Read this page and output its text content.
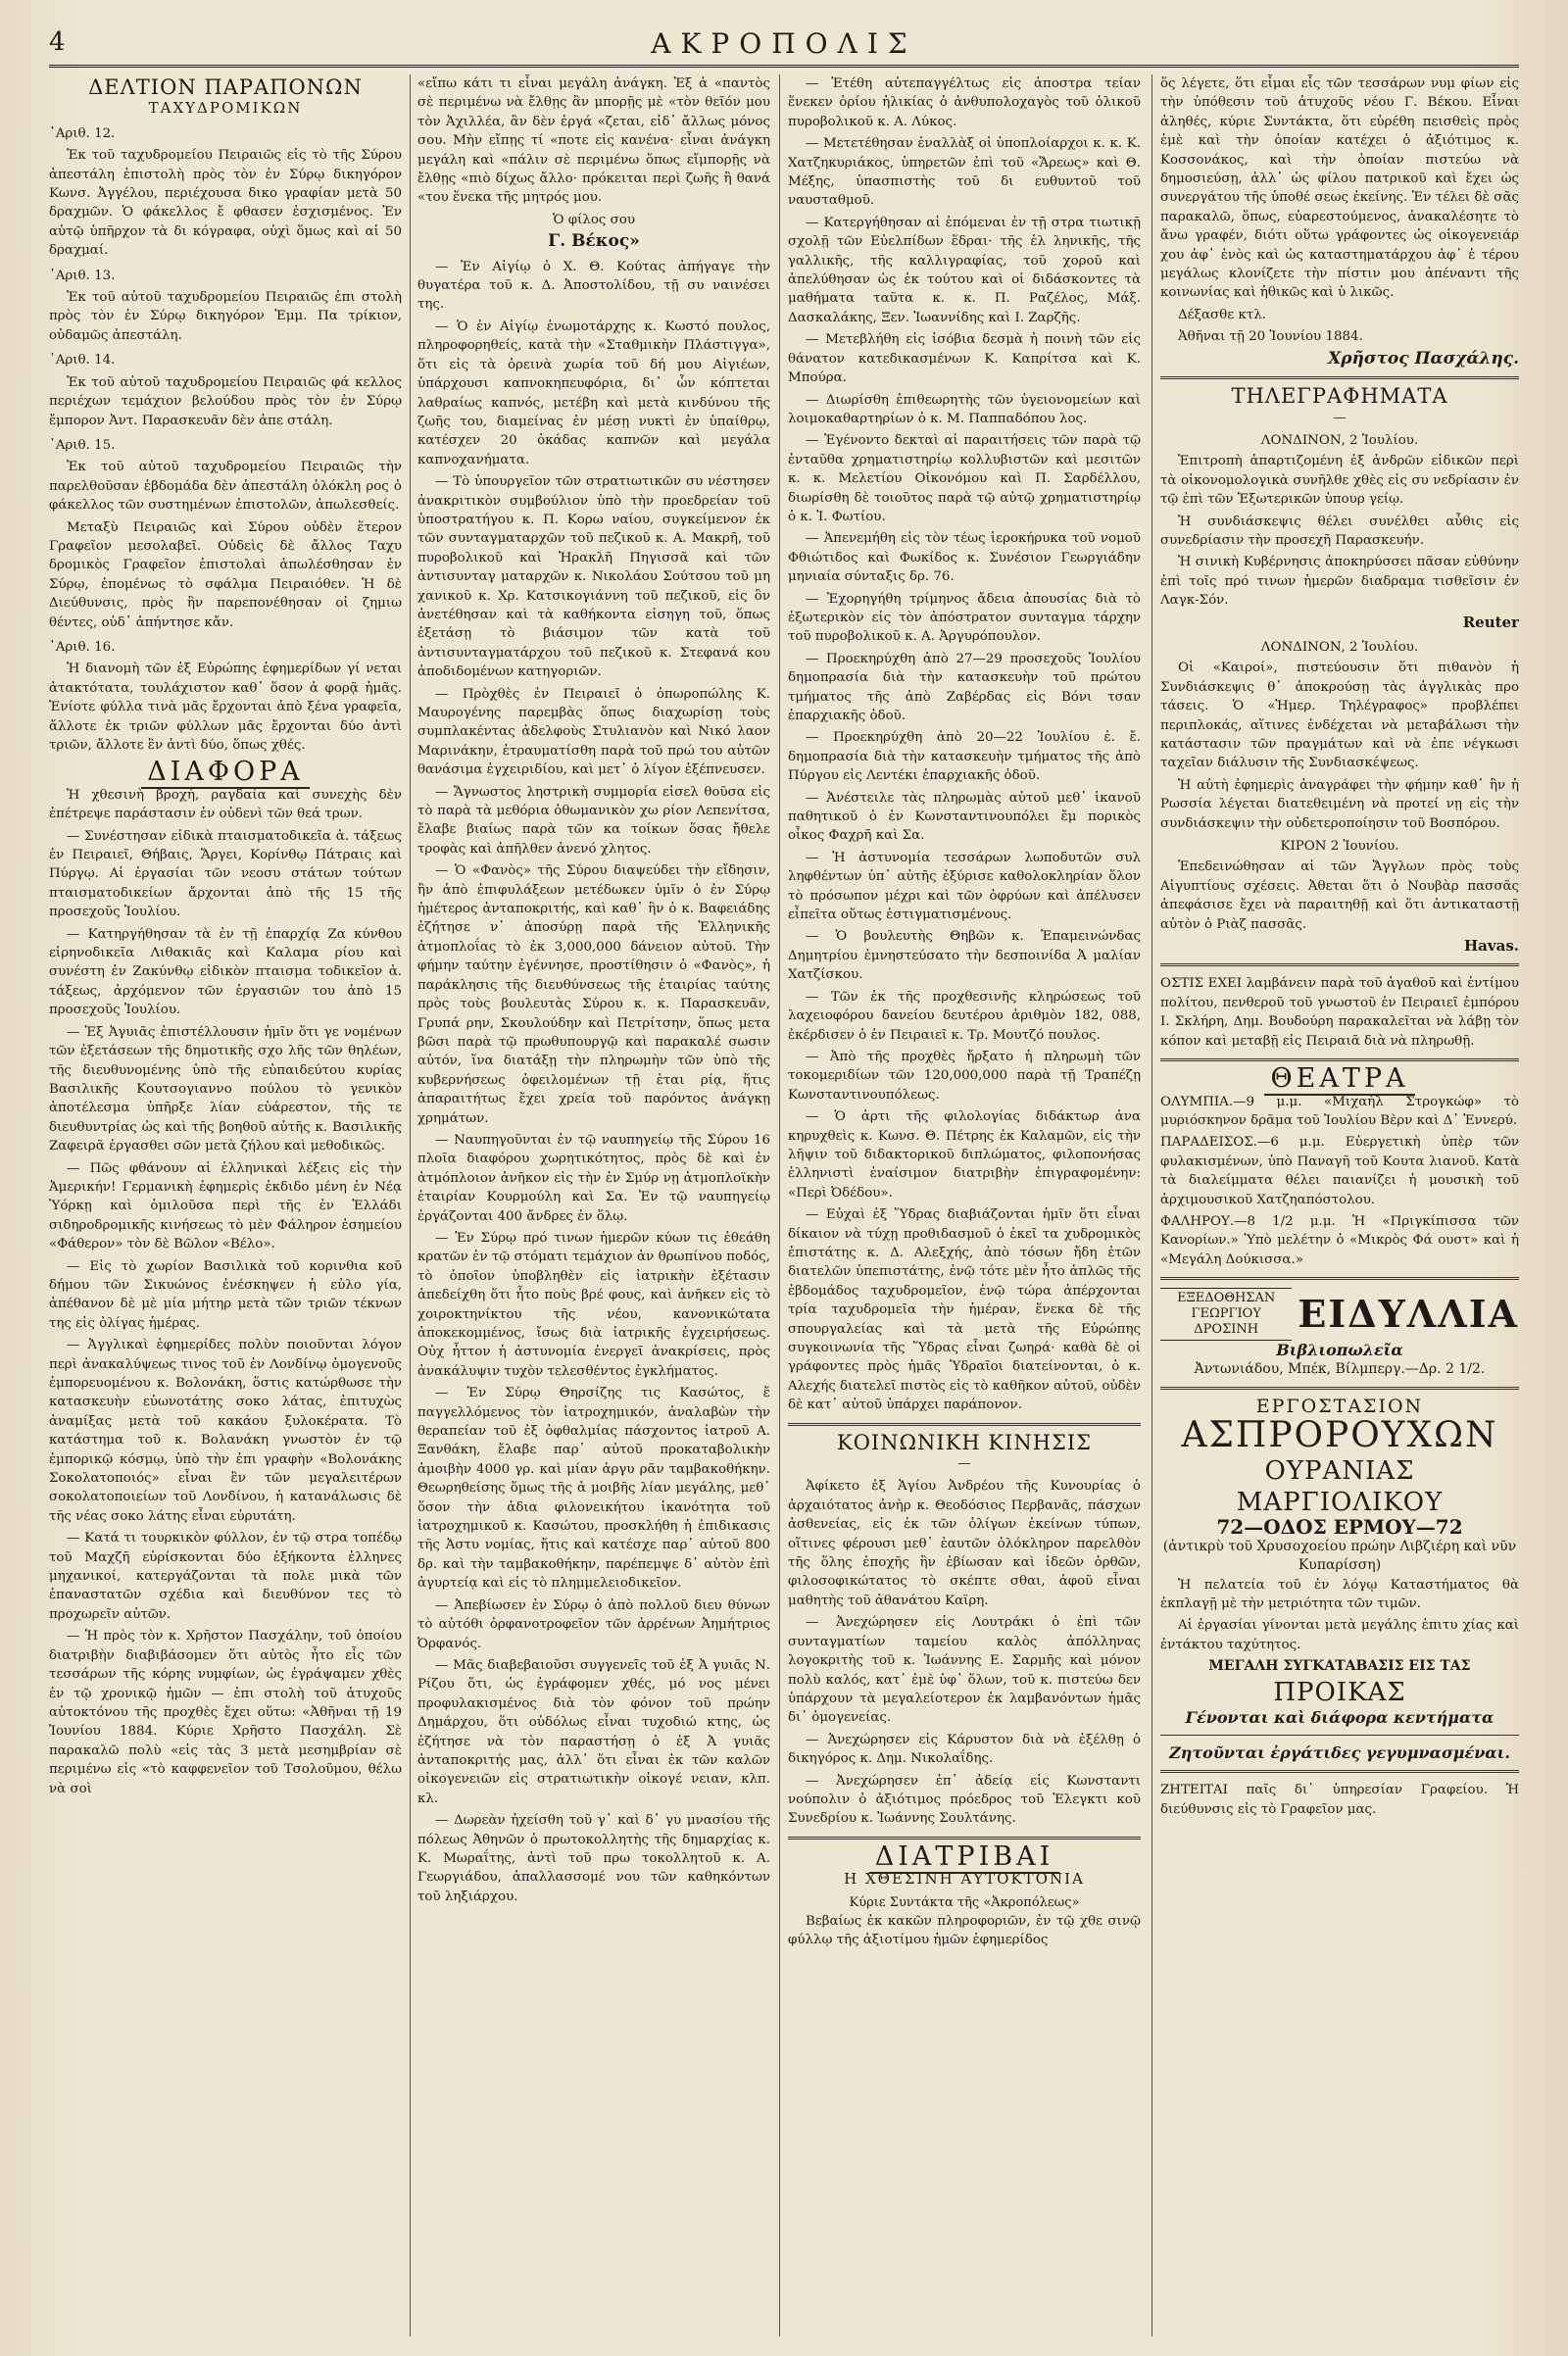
4	ΑΚΡΟΠΟΛΙΣ
ΔΕΛΤΙΟΝ ΠΑΡΑΠΟΝΩΝ
ΤΑΧΥΔΡΟΜΙΚΩΝ

᾿Αριθ. 12.

Ἐκ τοῦ ταχυδρομείου Πειραιῶς εἰς τὸ τῆς Σύρου ἀπεστάλη ἐπιστολὴ πρὸς τὸν ἐν Σύρῳ δικηγόρον Κωνσ. Ἀγγέλου, περιέχουσα δικο γραφίαν μετὰ 50 δραχμῶν. Ὁ φάκελλος ἔ φθασεν ἐσχισμένος. Ἐν αὐτῷ ὑπῆρχον τὰ δι κόγραφα, οὐχὶ ὅμως καὶ αἱ 50 δραχμαί.

᾿Αριθ. 13.

Ἐκ τοῦ αὐτοῦ ταχυδρομείου Πειραιῶς ἐπι στολὴ πρὸς τὸν ἐν Σύρῳ δικηγόρον Ἐμμ. Πα τρίκιον, οὐδαμῶς ἀπεστάλη.

᾿Αριθ. 14.

Ἐκ τοῦ αὐτοῦ ταχυδρομείου Πειραιῶς φά κελλος περιέχων τεμάχιον βελούδου πρὸς τὸν ἐν Σύρῳ ἔμπορον Ἀντ. Παρασκευᾶν δὲν ἀπε στάλη.

᾿Αριθ. 15.

Ἐκ τοῦ αὐτοῦ ταχυδρομείου Πειραιῶς τὴν παρελθοῦσαν ἑβδομάδα δὲν ἀπεστάλη ὁλόκλη ρος ὁ φάκελλος τῶν συστημένων ἐπιστολῶν, ἀπωλεσθείς.

Μεταξὺ Πειραιῶς καὶ Σύρου οὐδὲν ἕτερον Γραφεῖον μεσολαβεῖ. Οὐδεὶς δὲ ἄλλος Ταχυ δρομικὸς Γραφεῖον ἐπιστολαὶ ἀπωλέσθησαν ἐν Σύρῳ, ἐπομένως τὸ σφάλμα Πειραιόθεν. Ἡ δὲ Διεύθυνσις, πρὸς ἣν παρεπονέθησαν οἱ ζημιω θέντες, οὐδ᾿ ἀπήντησε κἄν.

᾿Αριθ. 16.

Ἡ διανομὴ τῶν ἐξ Εὐρώπης ἐφημερίδων γί νεται ἀτακτότατα, τουλάχιστον καθ᾿ ὅσον ἀ φορᾷ ἡμᾶς. Ἐνίοτε φύλλα τινὰ μᾶς ἔρχονται ἀπὸ ξένα γραφεῖα, ἄλλοτε ἐκ τριῶν φύλλων μᾶς ἔρχονται δύο ἀντὶ τριῶν, ἄλλοτε ἓν ἀντὶ δύο, ὅπως χθές.

ΔΙΑΦΟΡΑ

Ἡ χθεσινὴ βροχή, ραγδαία καὶ συνεχὴς δὲν ἐπέτρεψε παράστασιν ἐν οὐδενὶ τῶν θεά τρων.

— Συνέστησαν εἰδικὰ πταισματοδικεῖα ἁ. τάξεως ἐν Πειραιεῖ, Θήβαις, Ἄργει, Κορίνθῳ Πάτραις καὶ Πύργῳ. Αἱ ἐργασίαι τῶν νεοσυ στάτων τούτων πταισματοδικείων ἄρχονται ἀπὸ τῆς 15 τῆς προσεχοῦς Ἰουλίου.

— Κατηργήθησαν τὰ ἐν τῇ ἐπαρχίᾳ Ζα κύνθου εἰρηνοδικεῖα Λιθακιᾶς καὶ Καλαμα ρίου καὶ συνέστη ἐν Ζακύνθῳ εἰδικὸν πταισμα τοδικεῖον ἁ. τάξεως, ἀρχόμενον τῶν ἐργασιῶν του ἀπὸ 15 προσεχοῦς Ἰουλίου.

— Ἐξ Ἀγυιᾶς ἐπιστέλλουσιν ἡμῖν ὅτι γε νομένων τῶν ἐξετάσεων τῆς δημοτικῆς σχο λῆς τῶν θηλέων, τῆς διευθυνομένης ὑπὸ τῆς εὐπαιδεύτου κυρίας Βασιλικῆς Κουτσογιαννο πούλου τὸ γενικὸν ἀποτέλεσμα ὑπῆρξε λίαν εὐάρεστον, τῆς τε διευθυντρίας ὡς καὶ τῆς βοηθοῦ αὐτῆς κ. Βασιλικῆς Ζαφειρᾶ ἐργασθει σῶν μετὰ ζήλου καὶ μεθοδικῶς.

— Πῶς φθάνουν αἱ ἑλληνικαὶ λέξεις εἰς τὴν Ἀμερικήν! Γερμανικὴ ἐφημερὶς ἐκδιδο μένη ἐν Νέᾳ Ὑόρκῃ καὶ ὁμιλοῦσα περὶ τῆς ἐν Ἑλλάδι σιδηροδρομικῆς κινήσεως τὸ μὲν Φάληρον ἐσημείου «Φάθερον» τὸν δὲ Βῶλον «Βέλο».

— Εἰς τὸ χωρίον Βασιλικὰ τοῦ κορινθια κοῦ δήμου τῶν Σικυώνος ἐνέσκηψεν ἡ εὐλο γία, ἀπέθανον δὲ μὲ μία μήτηρ μετὰ τῶν τριῶν τέκνων της εἰς ὀλίγας ἡμέρας.

— Ἀγγλικαὶ ἐφημερίδες πολὺν ποιοῦνται λόγον περὶ ἀνακαλύψεως τινος τοῦ ἐν Λονδίνῳ ὁμογενοῦς ἐμπορευομένου κ. Βολονάκη, ὅστις κατώρθωσε τὴν κατασκευὴν εὐωνοτάτης σοκο λάτας, ἐπιτυχὼς ἀναμίξας μετὰ τοῦ κακάου ξυλοκέρατα. Τὸ κατάστημα τοῦ κ. Βολανάκη γνωστὸν ἐν τῷ ἐμπορικῷ κόσμῳ, ὑπὸ τὴν ἐπι γραφὴν «Βολονάκης Σοκολατοποιός» εἶναι ἓν τῶν μεγαλειτέρων σοκολατοποιείων τοῦ Λονδίνου, ἡ κατανάλωσις δὲ τῆς νέας σοκο λάτης εἶναι εὐρυτάτη.

— Κατά τι τουρκικὸν φύλλον, ἐν τῷ στρα τοπέδῳ τοῦ Μαχζῆ εὑρίσκονται δύο ἑξήκοντα ἑλληνες μηχανικοί, κατεργάζονται τὰ πολε μικὰ τῶν ἐπαναστατῶν σχέδια καὶ διευθύνον τες τὸ προχωρεῖν αὐτῶν.

— Ἡ πρὸς τὸν κ. Χρῆστον Πασχάλην, τοῦ ὁποίου διατριβὴν διαβιβάσομεν ὅτι αὐτὸς ἦτο εἷς τῶν τεσσάρων τῆς κόρης νυμφίων, ὡς ἐγράψαμεν χθὲς ἐν τῷ χρονικῷ ἡμῶν — ἐπι στολὴ τοῦ ἀτυχοῦς αὐτοκτόνου τῆς προχθὲς ἔχει οὕτω: «Ἀθῆναι τῇ 19 Ἰουνίου 1884. Κύριε Χρῆστο Πασχάλη. Σὲ παρακαλῶ πολὺ «εἰς τὰς 3 μετὰ μεσημβρίαν σὲ περιμένω εἰς «τὸ καφφενεῖον τοῦ Τσολοῦμου, θέλω νὰ σοὶ

«εἴπω κάτι τι εἶναι μεγάλη ἀνάγκη. Ἐξ ἀ «παντὸς σὲ περιμένω νὰ ἔλθῃς ἂν μπορῇς μὲ «τὸν θεῖόν μου τὸν Ἀχιλλέα, ἂν δὲν ἐργά «ζεται, εἰδ᾿ ἄλλως μόνος σου. Μὴν εἴπῃς τί «ποτε εἰς κανένα· εἶναι ἀνάγκη μεγάλη καὶ «πάλιν σὲ περιμένω ὅπως εἴμπορῇς νὰ ἔλθῃς «πιὸ δίχως ἄλλο· πρόκειται περὶ ζωῆς ἢ θανά «του ἕνεκα τῆς μητρός μου.

Ὁ φίλος σου

Γ. Βέκος»

— Ἐν Αἰγίῳ ὁ Χ. Θ. Κούτας ἀπήγαγε τὴν θυγατέρα τοῦ κ. Δ. Ἀποστολίδου, τῇ συ ναινέσει της.

— Ὁ ἐν Αἰγίῳ ἐνωμοτάρχης κ. Κωστό πουλος, πληροφορηθείς, κατὰ τὴν «Σταθμικὴν Πλάστιγγα», ὅτι εἰς τὰ ὀρεινὰ χωρία τοῦ δή μου Αἰγιέων, ὑπάρχουσι καπνοκηπευφόρια, δι᾿ ὧν κόπτεται λαθραίως καπνός, μετέβη καὶ μετὰ κινδύνου τῆς ζωῆς του, διαμείνας ἐν μέσῃ νυκτὶ ἐν ὑπαίθρῳ, κατέσχεν 20 ὀκάδας καπνῶν καὶ μεγάλα καπνοχανήματα.

— Τὸ ὑπουργεῖον τῶν στρατιωτικῶν συ νέστησεν ἀνακριτικὸν συμβούλιον ὑπὸ τὴν προεδρείαν τοῦ ὑποστρατήγου κ. Π. Κορω ναίου, συγκείμενον ἐκ τῶν συνταγματαρχῶν τοῦ πεζικοῦ κ. Α. Μακρῆ, τοῦ πυροβολικοῦ καὶ Ἡρακλῆ Πηγισσᾶ καὶ τῶν ἀντισυνταγ ματαρχῶν κ. Νικολάου Σούτσου τοῦ μη χανικοῦ κ. Χρ. Κατσικογιάννη τοῦ πεζικοῦ, εἰς ὃν ἀνετέθησαν καὶ τὰ καθήκοντα εἰσηγη τοῦ, ὅπως ἐξετάσῃ τὸ βιάσιμον τῶν κατὰ τοῦ ἀντισυνταγματάρχου τοῦ πεζικοῦ κ. Στεφανά κου ἀποδιδομένων κατηγοριῶν.

— Πρὸχθὲς ἐν Πειραιεῖ ὁ ὀπωροπώλης Κ. Μαυρογένης παρεμβὰς ὅπως διαχωρίσῃ τοὺς συμπλακέντας ἀδελφοὺς Στυλιανὸν καὶ Νικό λαον Μαρινάκην, ἐτραυματίσθη παρὰ τοῦ πρώ του αὐτῶν θανάσιμα ἐγχειριδίου, καὶ μετ᾿ ὀ λίγον ἐξέπνευσεν.

— Ἄγνωστος ληστρικὴ συμμορία εἰσελ θοῦσα εἰς τὸ παρὰ τὰ μεθόρια ὀθωμανικὸν χω ρίον Λεπενίτσα, ἔλαβε βιαίως παρὰ τῶν κα τοίκων ὅσας ἤθελε τροφὰς καὶ ἀπῆλθεν ἀνενό χλητος.

— Ὁ «Φανὸς» τῆς Σύρου διαψεύδει τὴν εἴδησιν, ἣν ἀπὸ ἐπιφυλάξεων μετέδωκεν ὑμῖν ὁ ἐν Σύρῳ ἡμέτερος ἀνταποκριτής, καὶ καθ᾿ ἣν ὁ κ. Βαφειάδης ἐζήτησε ν᾿ ἀποσύρῃ παρὰ τῆς Ἑλληνικῆς ἀτμοπλοΐας τὸ ἐκ 3,000,000 δάνειον αὐτοῦ. Τὴν φήμην ταύτην ἐγέννησε, προστίθησιν ὁ «Φανὸς», ἡ παράκλησις τῆς διευθύνσεως τῆς ἑταιρίας ταύτης πρὸς τοὺς βουλευτὰς Σύρου κ. κ. Παρασκευᾶν, Γρυπά ρην, Σκουλούδην καὶ Πετρίτσην, ὅπως μετα βῶσι παρὰ τῷ πρωθυπουργῷ καὶ παρακαλέ σωσιν αὐτόν, ἵνα διατάξῃ τὴν πληρωμὴν τῶν ὑπὸ τῆς κυβερνήσεως ὀφειλομένων τῇ ἑται ρίᾳ, ἥτις ἀπαραιτήτως ἔχει χρεία τοῦ παρόντος ἀνάγκῃ χρημάτων.

— Ναυπηγοῦνται ἐν τῷ ναυπηγείῳ τῆς Σύρου 16 πλοῖα διαφόρου χωρητικότητος, πρὸς δὲ καὶ ἐν ἀτμόπλοιον ἀνῆκον εἰς τὴν ἐν Σμύρ νῃ ἀτμοπλοϊκὴν ἑταιρίαν Κουρμούλη καὶ Σα. Ἐν τῷ ναυπηγείῳ ἐργάζονται 400 ἄνδρες ἐν ὅλῳ.

— Ἐν Σύρῳ πρό τινων ἡμερῶν κύων τις ἐθεάθη κρατῶν ἐν τῷ στόματι τεμάχιον ἀν θρωπίνου ποδός, τὸ ὁποῖον ὑποβληθὲν εἰς ἰατρικὴν ἐξέτασιν ἀπεδείχθη ὅτι ἦτο ποὺς βρέ φους, καὶ ἀνῆκεν εἰς τὸ χοιροκτηνίκτου τῆς νέου, κανονικώτατα ἀποκεκομμένος, ἴσως διὰ ἰατρικῆς ἐγχειρήσεως. Οὐχ ἧττον ἡ ἀστυνομία ἐνεργεῖ ἀνακρίσεις, πρὸς ἀνακάλυψιν τυχὸν τελεσθέντος ἐγκλήματος.

— Ἐν Σύρῳ Θηρσίζης τις Κασώτος, ἔ παγγελλόμενος τὸν ἰατροχημικόν, ἀναλαβὼν τὴν θεραπείαν τοῦ ἐξ ὀφθαλμίας πάσχοντος ἰατροῦ Α. Ξανθάκη, ἔλαβε παρ᾿ αὐτοῦ προκαταβολικὴν ἀμοιβὴν 4000 γρ. καὶ μίαν ἀργυ ρᾶν ταμβακοθήκην. Θεωρηθείσης ὅμως τῆς ἀ μοιβῆς λίαν μεγάλης, μεθ᾿ ὅσον τὴν ἀδια φιλονεικήτου ἱκανότητα τοῦ ἰατροχημικοῦ κ. Κασώτου, προσκλήθη ἡ ἐπιδικασις τῆς Ἀστυ νομίας, ἥτις καὶ κατέσχε παρ᾿ αὐτοῦ 800 δρ. καὶ τὴν ταμβακοθήκην, παρέπεμψε δ᾿ αὐτὸν ἐπὶ ἀγυρτείᾳ καὶ εἰς τὸ πλημμελειοδικεῖον.

— Ἀπεβίωσεν ἐν Σύρῳ ὁ ἀπὸ πολλοῦ διευ θύνων τὸ αὐτόθι ὀρφανοτροφεῖον τῶν ἀρρένων Ἀημήτριος Ὀρφανός.

— Μᾶς διαβεβαιοῦσι συγγενεῖς τοῦ ἐξ Ἀ γυιᾶς Ν. Ρίζου ὅτι, ὡς ἐγράφομεν χθές, μό νος μένει προφυλακισμένος διὰ τὸν φόνον τοῦ πρώην Δημάρχου, ὅτι οὐδόλως εἶναι τυχοδιώ κτης, ὡς ἐζήτησε νὰ τὸν παραστήσῃ ὁ ἐξ Ἀ γυιᾶς ἀνταποκριτής μας, ἀλλ᾿ ὅτι εἶναι ἐκ τῶν καλῶν οἰκογενειῶν εἰς στρατιωτικὴν οἰκογέ νειαν, κλπ. κλ.

— Δωρεὰν ἠχείσθη τοῦ γ᾿ καὶ δ᾿ γυ μνασίου τῆς πόλεως Ἀθηνῶν ὁ πρωτοκολλητὴς τῆς δημαρχίας κ. Κ. Μωραΐτης, ἀντὶ τοῦ πρω τοκολλητοῦ κ. Α. Γεωργιάδου, ἀπαλλασσομέ νου τῶν καθηκόντων τοῦ ληξιάρχου.

— Ἐτέθη αὐτεπαγγέλτως εἰς ἀποστρα τείαν ἕνεκεν ὁρίου ἡλικίας ὁ ἀνθυπολοχαγὸς τοῦ ὁλικοῦ πυροβολικοῦ κ. Α. Λύκος.

— Μετετέθησαν ἐναλλὰξ οἱ ὑποπλοίαρχοι κ. κ. Κ. Χατζηκυριάκος, ὑπηρετῶν ἐπὶ τοῦ «Ἄρεως» καὶ Θ. Μέξης, ὑπασπιστὴς τοῦ δι ευθυντοῦ τοῦ ναυσταθμοῦ.

— Κατεργήθησαν αἱ ἑπόμεναι ἐν τῇ στρα τιωτικῇ σχολῇ τῶν Εὐελπίδων ἕδραι· τῆς ἑλ ληνικῆς, τῆς γαλλικῆς, τῆς καλλιγραφίας, τοῦ χοροῦ καὶ ἀπελύθησαν ὡς ἐκ τούτου καὶ οἱ διδάσκοντες τὰ μαθήματα ταῦτα κ. κ. Π. Ραζέλος, Μάξ. Δασκαλάκης, Ξεν. Ἰωαννίδης καὶ Ι. Ζαρζῆς.

— Μετεβλήθη εἰς ἰσόβια δεσμὰ ἡ ποινὴ τῶν εἰς θάνατον κατεδικασμένων Κ. Καπρίτσα καὶ Κ. Μπούρα.

— Διωρίσθη ἐπιθεωρητὴς τῶν ὑγειονομείων καὶ λοιμοκαθαρτηρίων ὁ κ. Μ. Παππαδόπου λος.

— Ἐγένοντο δεκταὶ αἱ παραιτήσεις τῶν παρὰ τῷ ἐνταῦθα χρηματιστηρίῳ κολλυβιστῶν καὶ μεσιτῶν κ. κ. Μελετίου Οἰκονόμου καὶ Π. Σαρδέλλου, διωρίσθη δὲ τοιοῦτος παρὰ τῷ αὐτῷ χρηματιστηρίῳ ὁ κ. Ἰ. Φωτίου.

— Ἀπενεμήθη εἰς τὸν τέως ἱεροκήρυκα τοῦ νομοῦ Φθιώτιδος καὶ Φωκίδος κ. Συνέσιον Γεωργιάδην μηνιαία σύνταξις δρ. 76.

— Ἐχορηγήθη τρίμηνος ἄδεια ἀπουσίας διὰ τὸ ἐξωτερικὸν εἰς τὸν ἀπόστρατον συνταγμα τάρχην τοῦ πυροβολικοῦ κ. Α. Ἀργυρόπουλον.

— Προεκηρύχθη ἀπὸ 27—29 προσεχοῦς Ἰουλίου δημοπρασία διὰ τὴν κατασκευὴν τοῦ πρώτου τμήματος τῆς ἀπὸ Ζαβέρδας εἰς Βόνι τσαν ἐπαρχιακῆς ὁδοῦ.

— Προεκηρύχθη ἀπὸ 20—22 Ἰουλίου ἐ. ἔ. δημοπρασία διὰ τὴν κατασκευὴν τμήματος τῆς ἀπὸ Πύργου εἰς Λεντέκι ἐπαρχιακῆς ὁδοῦ.

— Ἀνέστειλε τὰς πληρωμὰς αὐτοῦ μεθ᾿ ἱκανοῦ παθητικοῦ ὁ ἐν Κωνσταντινουπόλει ἔμ πορικὸς οἶκος Φαχρῆ καὶ Σα.

— Ἡ ἀστυνομία τεσσάρων λωποδυτῶν συλ ληφθέντων ὑπ᾿ αὐτῆς ἐξύρισε καθολοκληρίαν ὅλον τὸ πρόσωπον μέχρι καὶ τῶν ὀφρύων καὶ ἀπέλυσεν εἶπεῖτα οὕτως ἐστιγματισμένους.

— Ὁ βουλευτὴς Θηβῶν κ. Ἐπαμεινώνδας Δημητρίου ἐμνηστεύσατο τὴν δεσποινίδα Ἀ μαλίαν Χατζίσκου.

— Τῶν ἐκ τῆς προχθεσινῆς κληρώσεως τοῦ λαχειοφόρου δανείου δευτέρου ἀριθμὸν 182, 088, ἐκέρδισεν ὁ ἐν Πειραιεῖ κ. Τρ. Μουτζό πουλος.

— Ἀπὸ τῆς προχθὲς ἤρξατο ἡ πληρωμὴ τῶν τοκομεριδίων τῶν 120,000,000 παρὰ τῇ Τραπέζῃ Κωνσταντινουπόλεως.

— Ὁ ἀρτι τῆς φιλολογίας διδάκτωρ ἀνα κηρυχθεὶς κ. Κωνσ. Θ. Πέτρης ἐκ Καλαμῶν, εἰς τὴν λῆψιν τοῦ διδακτορικοῦ διπλώματος, φιλοπονήσας ἑλληνιστὶ ἐναίσιμον διατριβὴν ἐπιγραφομένην: «Περὶ Ὀδέδου».

— Εὐχαὶ ἐξ Ὕδρας διαβιάζονται ἡμῖν ὅτι εἶναι δίκαιον νὰ τύχῃ προθιδασμοῦ ὁ ἐκεῖ τα χυδρομικὸς ἐπιστάτης κ. Δ. Αλεξχής, ἀπὸ τόσων ἤδη ἐτῶν διατελῶν ὑπεπιστάτης, ἐνῷ τότε μὲν ἦτο ἁπλῶς τῆς ἑβδομάδος ταχυδρομεῖον, ἐνῷ τώρα ἀπέρχονται τρία ταχυδρομεῖα τὴν ἡμέραν, ἕνεκα δὲ τῆς σπουργαλείας καὶ τὰ μετὰ τῆς Εὐρώπης συγκοινωνία τῆς Ὕδρας εἶναι ζωηρά· καθὰ δὲ οἱ γράφοντες πρὸς ἡμᾶς Ὑδραῖοι διατείνονται, ὁ κ. Αλεχής διατελεῖ πιστὸς εἰς τὸ καθῆκον αὐτοῦ, οὐδὲν δὲ κατ᾿ αὐτοῦ ὑπάρχει παράπονον.

ΚΟΙΝΩΝΙΚΗ ΚΙΝΗΣΙΣ
—

Ἀφίκετο ἐξ Ἁγίου Ἀνδρέου τῆς Κυνουρίας ὁ ἀρχαιότατος ἀνὴρ κ. Θεοδόσιος Περβανᾶς, πάσχων ἀσθενείας, εἰς ἐκ τῶν ὀλίγων ἐκείνων τύπων, οἵτινες φέρουσι μεθ᾿ ἑαυτῶν ὁλόκληρον παρελθὸν τῆς ὅλης ἐποχῆς ἣν ἐβίωσαν καὶ ἰδεῶν ὁρθῶν, φιλοσοφικώτατος τὸ σκέπτε σθαι, ἀφοῦ εἶναι μαθητὴς τοῦ ἀθανάτου Καϊρη.

— Ἀνεχώρησεν εἰς Λουτράκι ὁ ἐπὶ τῶν συνταγματίων ταμείου καλὸς ἀπόλληνας λογοκριτὴς τοῦ κ. Ἰωάννης Ε. Σαρμῆς καὶ μόνον πολὺ καλός, κατ᾿ ἐμὲ ὑφ᾿ ὅλων, τοῦ κ. πιστεύω δεν ὑπάρχουν τὰ μεγαλείοτερον ἐκ λαμβανόντων ἡμᾶς δι᾿ ὁμογενείας.

— Ἀνεχώρησεν εἰς Κάρυστον διὰ νὰ ἐξέλθῃ ὁ δικηγόρος κ. Δημ. Νικολαΐδης.

— Ἀνεχώρησεν ἐπ᾿ ἀδείᾳ εἰς Κωνσταντι νούπολιν ὁ ἀξιότιμος πρόεδρος τοῦ Ἐλεγκτι κοῦ Συνεδρίου κ. Ἰωάννης Σουλτάνης.

ΔΙΑΤΡΙΒΑΙ
Η ΧΘΕΣΙΝΗ ΑΥΤΟΚΤΟΝΙΑ
Κύριε Συντάκτα τῆς «Ἀκροπόλεως»

Βεβαίως ἐκ κακῶν πληροφοριῶν, ἐν τῷ χθε σινῷ φύλλῳ τῆς ἀξιοτίμου ἡμῶν ἐφημερίδος

ὅς λέγετε, ὅτι εἶμαι εἷς τῶν τεσσάρων νυμ φίων εἰς τὴν ὑπόθεσιν τοῦ ἀτυχοῦς νέου Γ. Βέκου. Εἶναι ἀληθές, κύριε Συντάκτα, ὅτι εὑρέθη πεισθεὶς πρὸς ἐμὲ καὶ τὴν ὁποίαν κατέχει ὁ ἀξιότιμος κ. Κοσσονάκος, καὶ τὴν ὁποίαν πιστεύω νὰ δημοσιεύσῃ, ἀλλ᾿ ὡς φίλου πατρικοῦ καὶ ἔχει ὡς συνεργάτου τῆς ὑποθέ σεως ἐκείνης. Ἐν τέλει δὲ σᾶς παρακαλῶ, ὅπως, εὐαρεστούμενος, ἀνακαλέσητε τὸ ἄνω γραφέν, διότι οὕτω γράφοντες ὡς οἰκογενειάρ χου ἀφ᾿ ἑνὸς καὶ ὡς καταστηματάρχου ἀφ᾿ ἑ τέρου μεγάλως κλονίζετε τὴν πίστιν μου ἀπέναντι τῆς κοινωνίας καὶ ἠθικῶς καὶ ὑ λικῶς.

Δέξασθε κτλ.

Ἀθῆναι τῇ 20 Ἰουνίου 1884.

Χρῆστος Πασχάλης.
ΤΗΛΕΓΡΑΦΗΜΑΤΑ
—
ΛΟΝΔΙΝΟΝ, 2 Ἰουλίου.

Ἐπιτροπὴ ἀπαρτιζομένη ἐξ ἀνδρῶν εἰδικῶν περὶ τὰ οἰκονομολογικὰ συνῆλθε χθὲς εἰς συ νεδρίασιν ἐν τῷ ἐπὶ τῶν Ἐξωτερικῶν ὑπουρ γείῳ.

Ἡ συνδιάσκεψις θέλει συνέλθει αὖθις εἰς συνεδρίασιν τὴν προσεχῆ Παρασκευήν.

Ἡ σινικὴ Κυβέρνησις ἀποκηρύσσει πᾶσαν εὐθύνην ἐπὶ τοῖς πρό τινων ἡμερῶν διαδραμα τισθεῖσιν ἐν Λαγκ-Σόν.

Reuter
ΛΟΝΔΙΝΟΝ, 2 Ἰουλίου.

Οἱ «Καιροί», πιστεύουσιν ὅτι πιθανὸν ἡ Συνδιάσκεψις θ᾿ ἀποκρούσῃ τὰς ἀγγλικὰς προ τάσεις. Ὁ «Ἡμερ. Τηλέγραφος» προβλέπει περιπλοκάς, αἵτινες ἐνδέχεται νὰ μεταβάλωσι τὴν κατάστασιν τῶν πραγμάτων καὶ νὰ ἐπε νέγκωσι ταχεῖαν διάλυσιν τῆς Συνδιασκέψεως.

Ἡ αὐτὴ ἐφημερὶς ἀναγράφει τὴν φήμην καθ᾿ ἣν ἡ Ρωσσία λέγεται διατεθειμένη νὰ προτεί νῃ εἰς τὴν συνδιάσκεψιν τὴν οὐδετεροποίησιν τοῦ Βοσπόρου.

ΚΙΡΟΝ 2 Ἰουνίου.

Ἐπεδεινώθησαν αἱ τῶν Ἄγγλων πρὸς τοὺς Αἰγυπτίους σχέσεις. Ἀθεται ὅτι ὁ Νουβὰρ πασσᾶς ἀπεφάσισε ἔχει νὰ παραιτηθῇ καὶ ὅτι ἀντικαταστῇ αὐτὸν ὁ Ριὰζ πασσᾶς.

Havas.

ΟΣΤΙΣ ΕΧΕΙ λαμβάνειν παρὰ τοῦ ἀγαθοῦ καὶ ἐντίμου πολίτου, πενθεροῦ τοῦ γνωστοῦ ἐν Πειραιεῖ ἐμπόρου Ι. Σκλήρη, Δημ. Βουδούρη παρακαλεῖται νὰ λάβῃ τὸν κόπον καὶ μεταβῇ εἰς Πειραιᾶ διὰ νὰ πληρωθῇ.

ΘΕΑΤΡΑ

ΟΛΥΜΠΙΑ.—9 μ.μ. «Μιχαὴλ Στρογκώφ» τὸ μυριόσκηνον δρᾶμα τοῦ Ἰουλίου Βὲρν καὶ Δ᾿ Ἐννερύ.

ΠΑΡΑΔΕΙΣΟΣ.—6 μ.μ. Εὐεργετικὴ ὑπὲρ τῶν φυλακισμένων, ὑπὸ Παναγῆ τοῦ Κουτα λιανοῦ. Κατὰ τὰ διαλείμματα θέλει παιανίζει ἡ μουσικὴ τοῦ ἀρχιμουσικοῦ Χατζηαπόστολου.

ΦΑΛΗΡΟΥ.—8 1/2 μ.μ. Ἡ «Πριγκίπισσα τῶν Κανορίων.» Ὑπὸ μελέτην ὁ «Μικρὸς Φά ουστ» καὶ ἡ «Μεγάλη Δούκισσα.»

ΕΞΕΔΟΘΗΣΑΝ
ΓΕΩΡΓΙΟΥ ΔΡΟΣΙΝΗ	ΕΙΔΥΛΛΙΑ
Βιβλιοπωλεῖα
Ἀντωνιάδου, Μπέκ, Βίλμπεργ.—Δρ. 2 1/2.
ΕΡΓΟΣΤΑΣΙΟΝ
ΑΣΠΡΟΡΟΥΧΩΝ
ΟΥΡΑΝΙΑΣ ΜΑΡΓΙΟΛΙΚΟΥ
72—ΟΔΟΣ ΕΡΜΟΥ—72
(ἀντικρὺ τοῦ Χρυσοχοείου πρώην Λιβζιέρη καὶ νῦν Κυπαρίσση)

Ἡ πελατεία τοῦ ἐν λόγῳ Καταστήματος θὰ ἐκπλαγῇ μὲ τὴν μετριότητα τῶν τιμῶν.

Αἱ ἐργασίαι γίνονται μετὰ μεγάλης ἐπιτυ χίας καὶ ἐντάκτου ταχύτητος.

ΜΕΓΑΛΗ ΣΥΓΚΑΤΑΒΑΣΙΣ ΕΙΣ ΤΑΣ
ΠΡΟΙΚΑΣ
Γένονται καὶ διάφορα κεντήματα
Ζητοῦνται ἐργάτιδες γεγυμνασμέναι.

ΖΗΤΕΙΤΑΙ παῖς δι᾿ ὑπηρεσίαν Γραφείου. Ἡ διεύθυνσις εἰς τὸ Γραφεῖον μας.
